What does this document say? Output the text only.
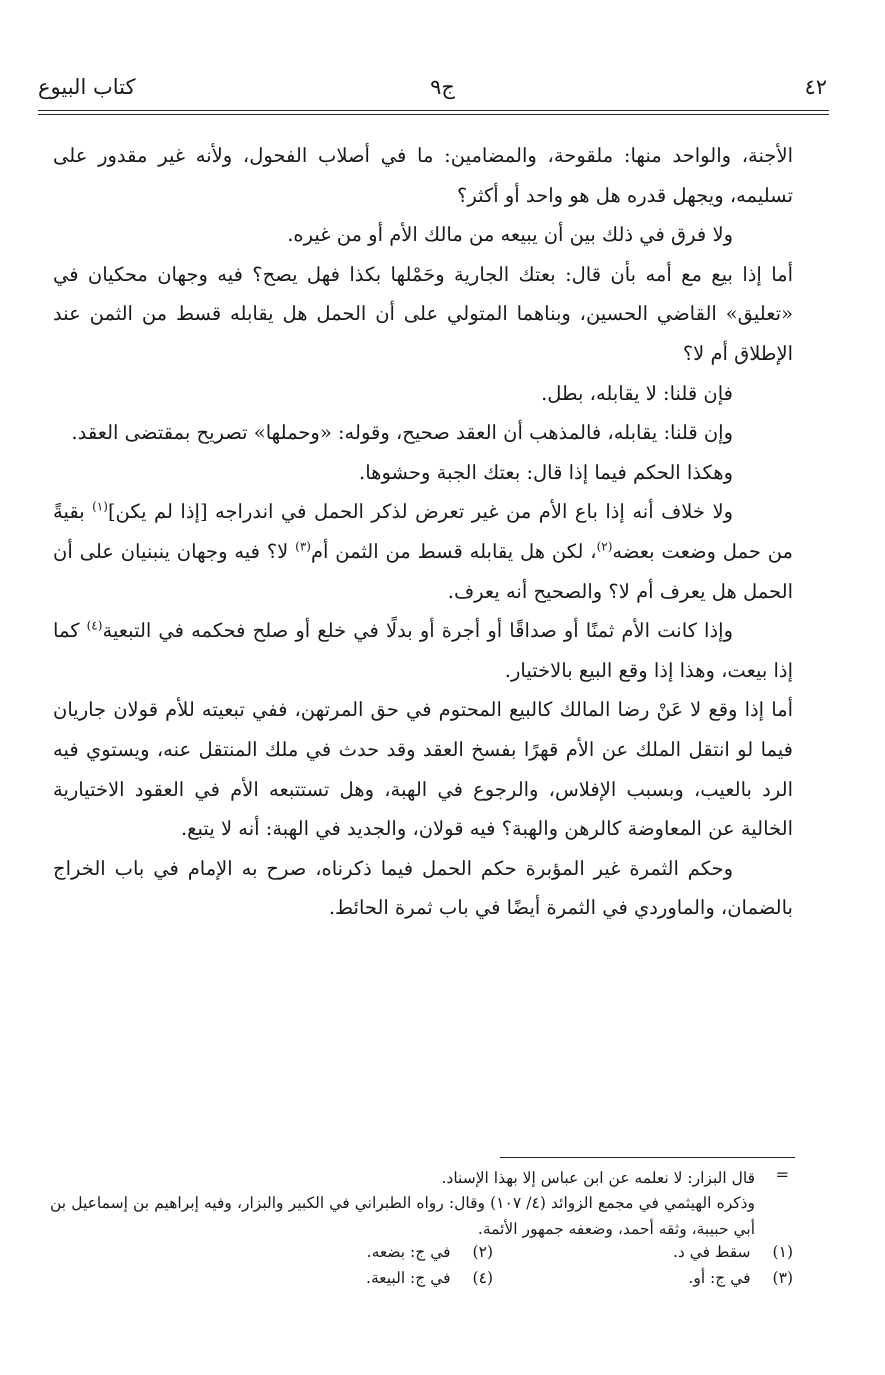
٤٢
ج٩
كتاب البيوع

الأجنة، والواحد منها: ملقوحة، والمضامين: ما في أصلاب الفحول، ولأنه غير مقدور على تسليمه، ويجهل قدره هل هو واحد أو أكثر؟

ولا فرق في ذلك بين أن يبيعه من مالك الأم أو من غيره.

أما إذا بيع مع أمه بأن قال: بعتك الجارية وحَمْلها بكذا فهل يصح؟ فيه وجهان محكيان في «تعليق» القاضي الحسين، وبناهما المتولي على أن الحمل هل يقابله قسط من الثمن عند الإطلاق أم لا؟

فإن قلنا: لا يقابله، بطل.

وإن قلنا: يقابله، فالمذهب أن العقد صحيح، وقوله: «وحملها» تصريح بمقتضى العقد.

وهكذا الحكم فيما إذا قال: بعتك الجبة وحشوها.

ولا خلاف أنه إذا باع الأم من غير تعرض لذكر الحمل في اندراجه [إذا لم يكن]$^{(١)}$ بقيةً من حمل وضعت بعضه$^{(٢)}$، لكن هل يقابله قسط من الثمن أم$^{(٣)}$ لا؟ فيه وجهان ينبنيان على أن الحمل هل يعرف أم لا؟ والصحيح أنه يعرف.

وإذا كانت الأم ثمنًا أو صداقًا أو أجرة أو بدلًا في خلع أو صلح فحكمه في التبعية$^{(٤)}$ كما إذا بيعت، وهذا إذا وقع البيع بالاختيار.

أما إذا وقع لا عَنْ رضا المالك كالبيع المحتوم في حق المرتهن، ففي تبعيته للأم قولان جاريان فيما لو انتقل الملك عن الأم قهرًا بفسخ العقد وقد حدث في ملك المنتقل عنه، ويستوي فيه الرد بالعيب، وبسبب الإفلاس، والرجوع في الهبة، وهل تستتبعه الأم في العقود الاختيارية الخالية عن المعاوضة كالرهن والهبة؟ فيه قولان، والجديد في الهبة: أنه لا يتبع.

وحكم الثمرة غير المؤبرة حكم الحمل فيما ذكرناه، صرح به الإمام في باب الخراج بالضمان، والماوردي في الثمرة أيضًا في باب ثمرة الحائط.

=

قال البزار: لا نعلمه عن ابن عباس إلا بهذا الإسناد.

وذكره الهيثمي في مجمع الزوائد (٤/ ١٠٧) وقال: رواه الطبراني في الكبير والبزار، وفيه إبراهيم بن إسماعيل بن أبي حبيبة، وثقه أحمد، وضعفه جمهور الأئمة.

(١)سقط في د.
(٢)في ج: بضعه.
(٣)في ج: أو.
(٤)في ج: البيعة.
